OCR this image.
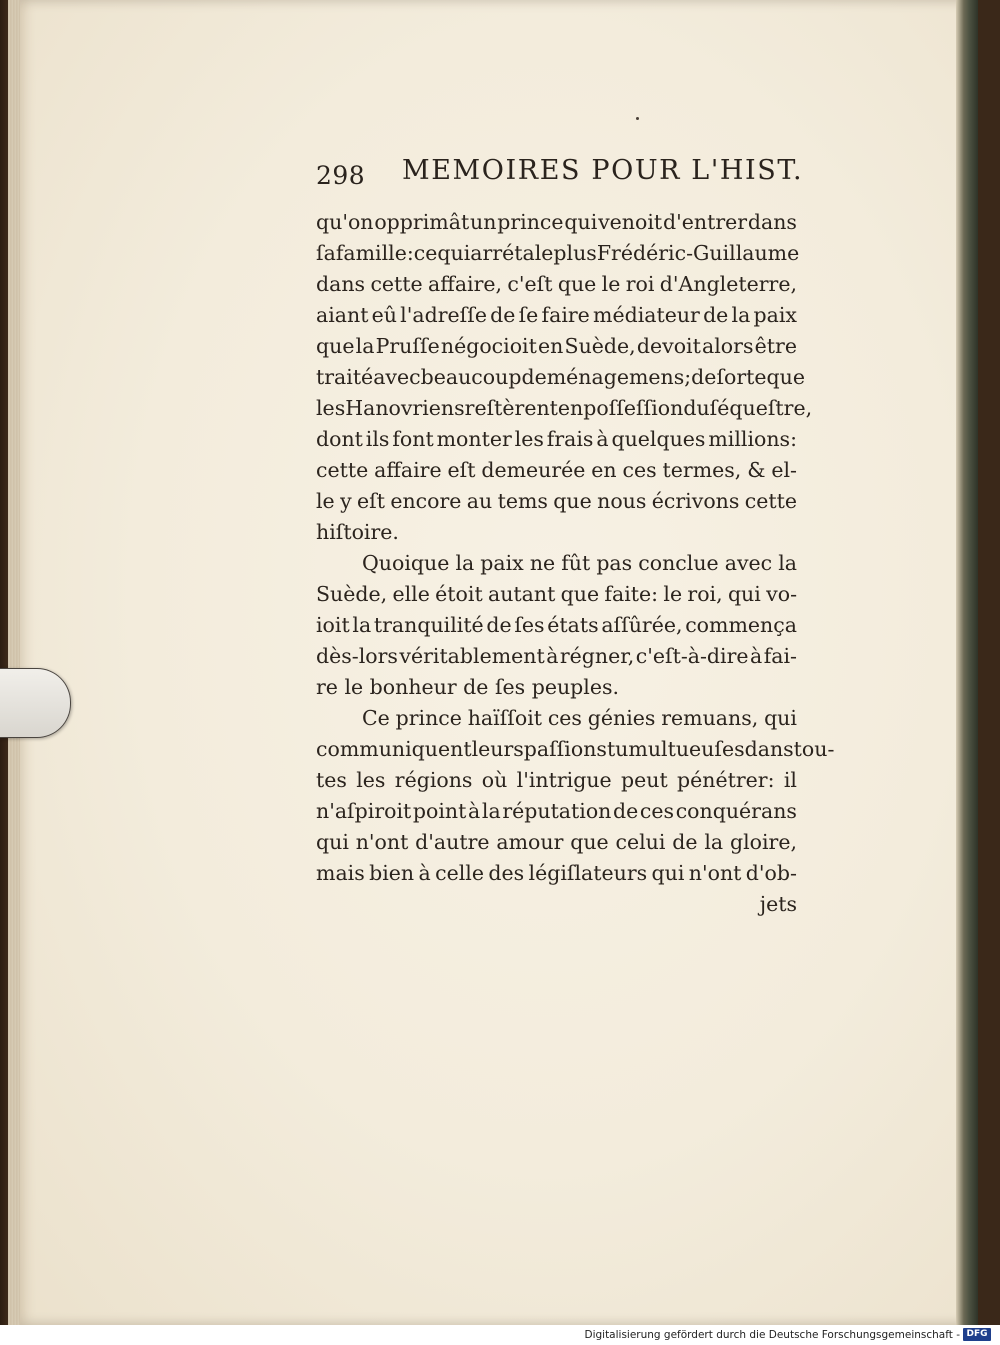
298 MEMOIRES POUR L'HIST.
qu'on opprimât un prince qui venoit d'entrer dans
ſa famille: ce qui arréta le plus Frédéric-Guillaume
dans cette affaire, c'eſt que le roi d'Angleterre,
aiant eû l'adreſſe de ſe faire médiateur de la paix
que la Pruſſe négocioit en Suède, devoit alors être
traité avec beaucoup de ménagemens; de ſorte que
les Hanovriens reſtèrent en poſſeſſion du ſéqueſtre,
dont ils font monter les frais à quelques millions:
cette affaire eſt demeurée en ces termes, & el-
le y eſt encore au tems que nous écrivons cette
hiſtoire.
Quoique la paix ne fût pas conclue avec la
Suède, elle étoit autant que faite: le roi, qui vo-
ioit la tranquilité de ſes états aſſûrée, commença
dès-lors véritablement à régner, c'eſt-à-dire à fai-
re le bonheur de ſes peuples.
Ce prince haïſſoit ces génies remuans, qui
communiquent leurs paſſions tumultueuſes dans tou-
tes les régions où l'intrigue peut pénétrer: il
n'aſpiroit point à la réputation de ces conquérans
qui n'ont d'autre amour que celui de la gloire,
mais bien à celle des légiſlateurs qui n'ont d'ob-
jets
Digitalisierung gefördert durch die Deutsche Forschungsgemeinschaft - DFG
